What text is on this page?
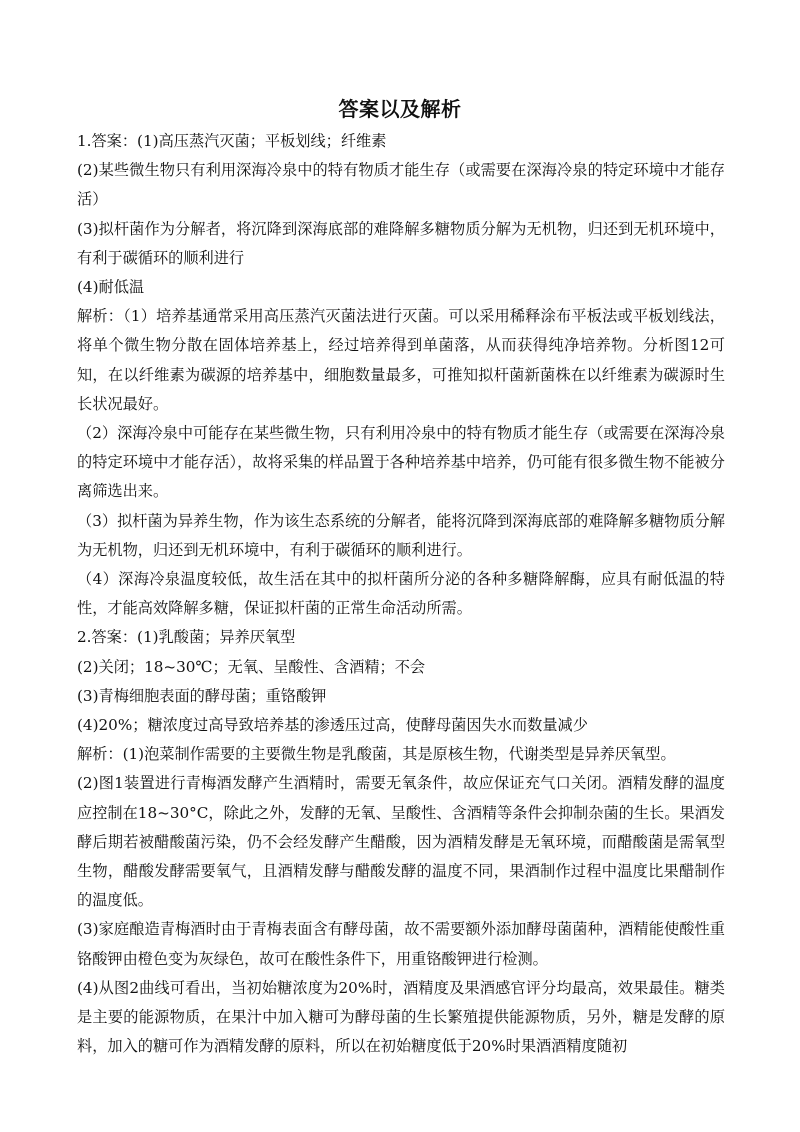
答案以及解析

1.答案：(1)高压蒸汽灭菌；平板划线；纤维素

(2)某些微生物只有利用深海冷泉中的特有物质才能生存（或需要在深海冷泉的特定环境中才能存活）

(3)拟杆菌作为分解者，将沉降到深海底部的难降解多糖物质分解为无机物，归还到无机环境中，有利于碳循环的顺利进行

(4)耐低温

解析：（1）培养基通常采用高压蒸汽灭菌法进行灭菌。可以采用稀释涂布平板法或平板划线法，将单个微生物分散在固体培养基上，经过培养得到单菌落，从而获得纯净培养物。分析图12可知，在以纤维素为碳源的培养基中，细胞数量最多，可推知拟杆菌新菌株在以纤维素为碳源时生长状况最好。

（2）深海冷泉中可能存在某些微生物，只有利用冷泉中的特有物质才能生存（或需要在深海冷泉的特定环境中才能存活），故将采集的样品置于各种培养基中培养，仍可能有很多微生物不能被分离筛选出来。

（3）拟杆菌为异养生物，作为该生态系统的分解者，能将沉降到深海底部的难降解多糖物质分解为无机物，归还到无机环境中，有利于碳循环的顺利进行。

（4）深海冷泉温度较低，故生活在其中的拟杆菌所分泌的各种多糖降解酶，应具有耐低温的特性，才能高效降解多糖，保证拟杆菌的正常生命活动所需。

2.答案：(1)乳酸菌；异养厌氧型

(2)关闭；18~30℃；无氧、呈酸性、含酒精；不会

(3)青梅细胞表面的酵母菌；重铬酸钾

(4)20%；糖浓度过高导致培养基的渗透压过高，使酵母菌因失水而数量减少

解析：(1)泡菜制作需要的主要微生物是乳酸菌，其是原核生物，代谢类型是异养厌氧型。

(2)图1装置进行青梅酒发酵产生酒精时，需要无氧条件，故应保证充气口关闭。酒精发酵的温度应控制在18~30°C，除此之外，发酵的无氧、呈酸性、含酒精等条件会抑制杂菌的生长。果酒发酵后期若被醋酸菌污染，仍不会经发酵产生醋酸，因为酒精发酵是无氧环境，而醋酸菌是需氧型生物，醋酸发酵需要氧气，且酒精发酵与醋酸发酵的温度不同，果酒制作过程中温度比果醋制作的温度低。

(3)家庭酿造青梅酒时由于青梅表面含有酵母菌，故不需要额外添加酵母菌菌种，酒精能使酸性重铬酸钾由橙色变为灰绿色，故可在酸性条件下，用重铬酸钾进行检测。

(4)从图2曲线可看出，当初始糖浓度为20%时，酒精度及果酒感官评分均最高，效果最佳。糖类是主要的能源物质，在果汁中加入糖可为酵母菌的生长繁殖提供能源物质，另外，糖是发酵的原料，加入的糖可作为酒精发酵的原料，所以在初始糖度低于20%时果酒酒精度随初
